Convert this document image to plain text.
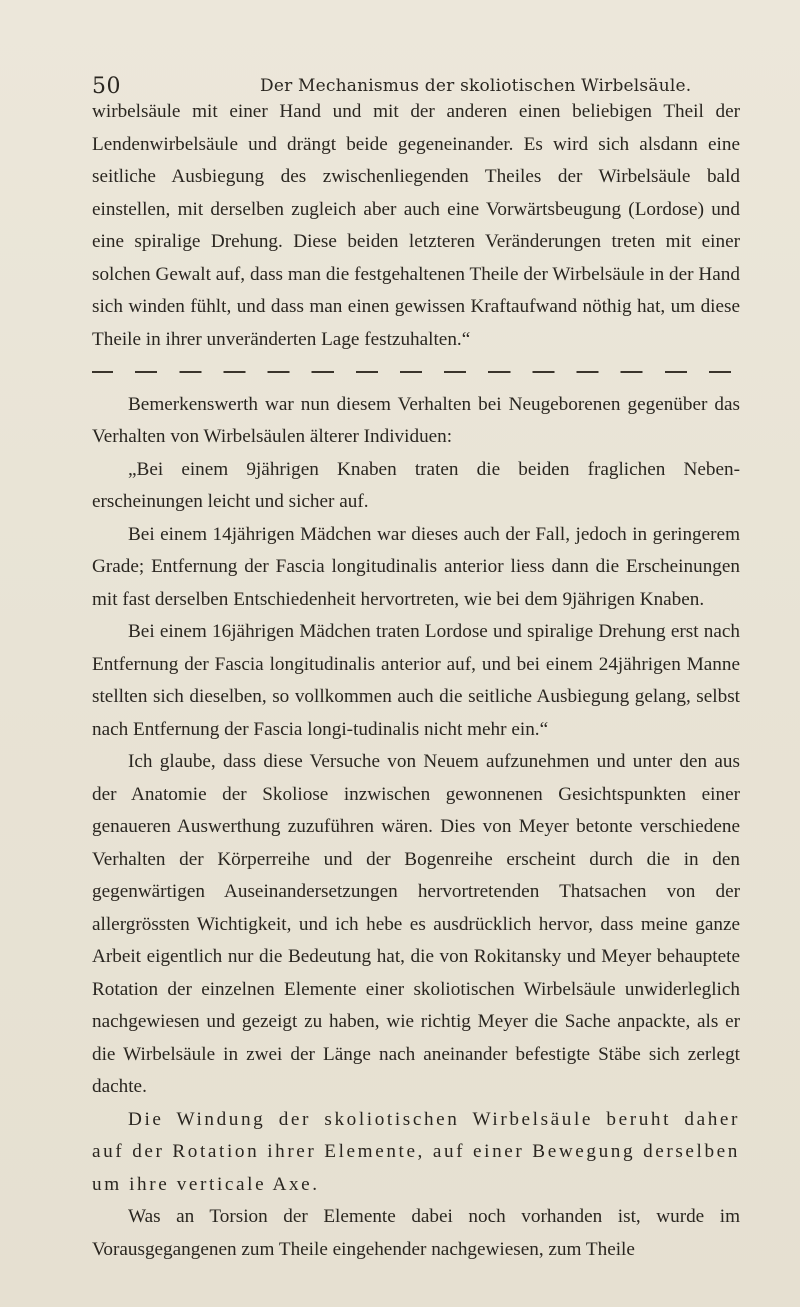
50	Der Mechanismus der skoliotischen Wirbelsäule.

wirbelsäule mit einer Hand und mit der anderen einen beliebigen Theil der Lendenwirbelsäule und drängt beide gegeneinander. Es wird sich alsdann eine seitliche Ausbiegung des zwischenliegenden Theiles der Wirbelsäule bald einstellen, mit derselben zugleich aber auch eine Vorwärtsbeugung (Lordose) und eine spiralige Drehung. Diese beiden letzteren Veränderungen treten mit einer solchen Gewalt auf, dass man die festgehaltenen Theile der Wirbelsäule in der Hand sich winden fühlt, und dass man einen gewissen Kraftaufwand nöthig hat, um diese Theile in ihrer unveränderten Lage festzuhalten.“

Bemerkenswerth war nun diesem Verhalten bei Neugeborenen gegenüber das Verhalten von Wirbelsäulen älterer Individuen:

„Bei einem 9jährigen Knaben traten die beiden fraglichen Neben-erscheinungen leicht und sicher auf.

Bei einem 14jährigen Mädchen war dieses auch der Fall, jedoch in geringerem Grade; Entfernung der Fascia longitudinalis anterior liess dann die Erscheinungen mit fast derselben Entschiedenheit hervortreten, wie bei dem 9jährigen Knaben.

Bei einem 16jährigen Mädchen traten Lordose und spiralige Drehung erst nach Entfernung der Fascia longitudinalis anterior auf, und bei einem 24jährigen Manne stellten sich dieselben, so vollkommen auch die seitliche Ausbiegung gelang, selbst nach Entfernung der Fascia longi-tudinalis nicht mehr ein.“

Ich glaube, dass diese Versuche von Neuem aufzunehmen und unter den aus der Anatomie der Skoliose inzwischen gewonnenen Gesichtspunkten einer genaueren Auswerthung zuzuführen wären. Dies von Meyer betonte verschiedene Verhalten der Körperreihe und der Bogenreihe erscheint durch die in den gegenwärtigen Auseinandersetzungen hervortretenden Thatsachen von der allergrössten Wichtigkeit, und ich hebe es ausdrücklich hervor, dass meine ganze Arbeit eigentlich nur die Bedeutung hat, die von Rokitansky und Meyer behauptete Rotation der einzelnen Elemente einer skoliotischen Wirbelsäule unwiderleglich nachgewiesen und gezeigt zu haben, wie richtig Meyer die Sache anpackte, als er die Wirbelsäule in zwei der Länge nach aneinander befestigte Stäbe sich zerlegt dachte.

Die Windung der skoliotischen Wirbelsäule beruht daher auf der Rotation ihrer Elemente, auf einer Bewegung derselben um ihre verticale Axe.

Was an Torsion der Elemente dabei noch vorhanden ist, wurde im Vorausgegangenen zum Theile eingehender nachgewiesen, zum Theile
